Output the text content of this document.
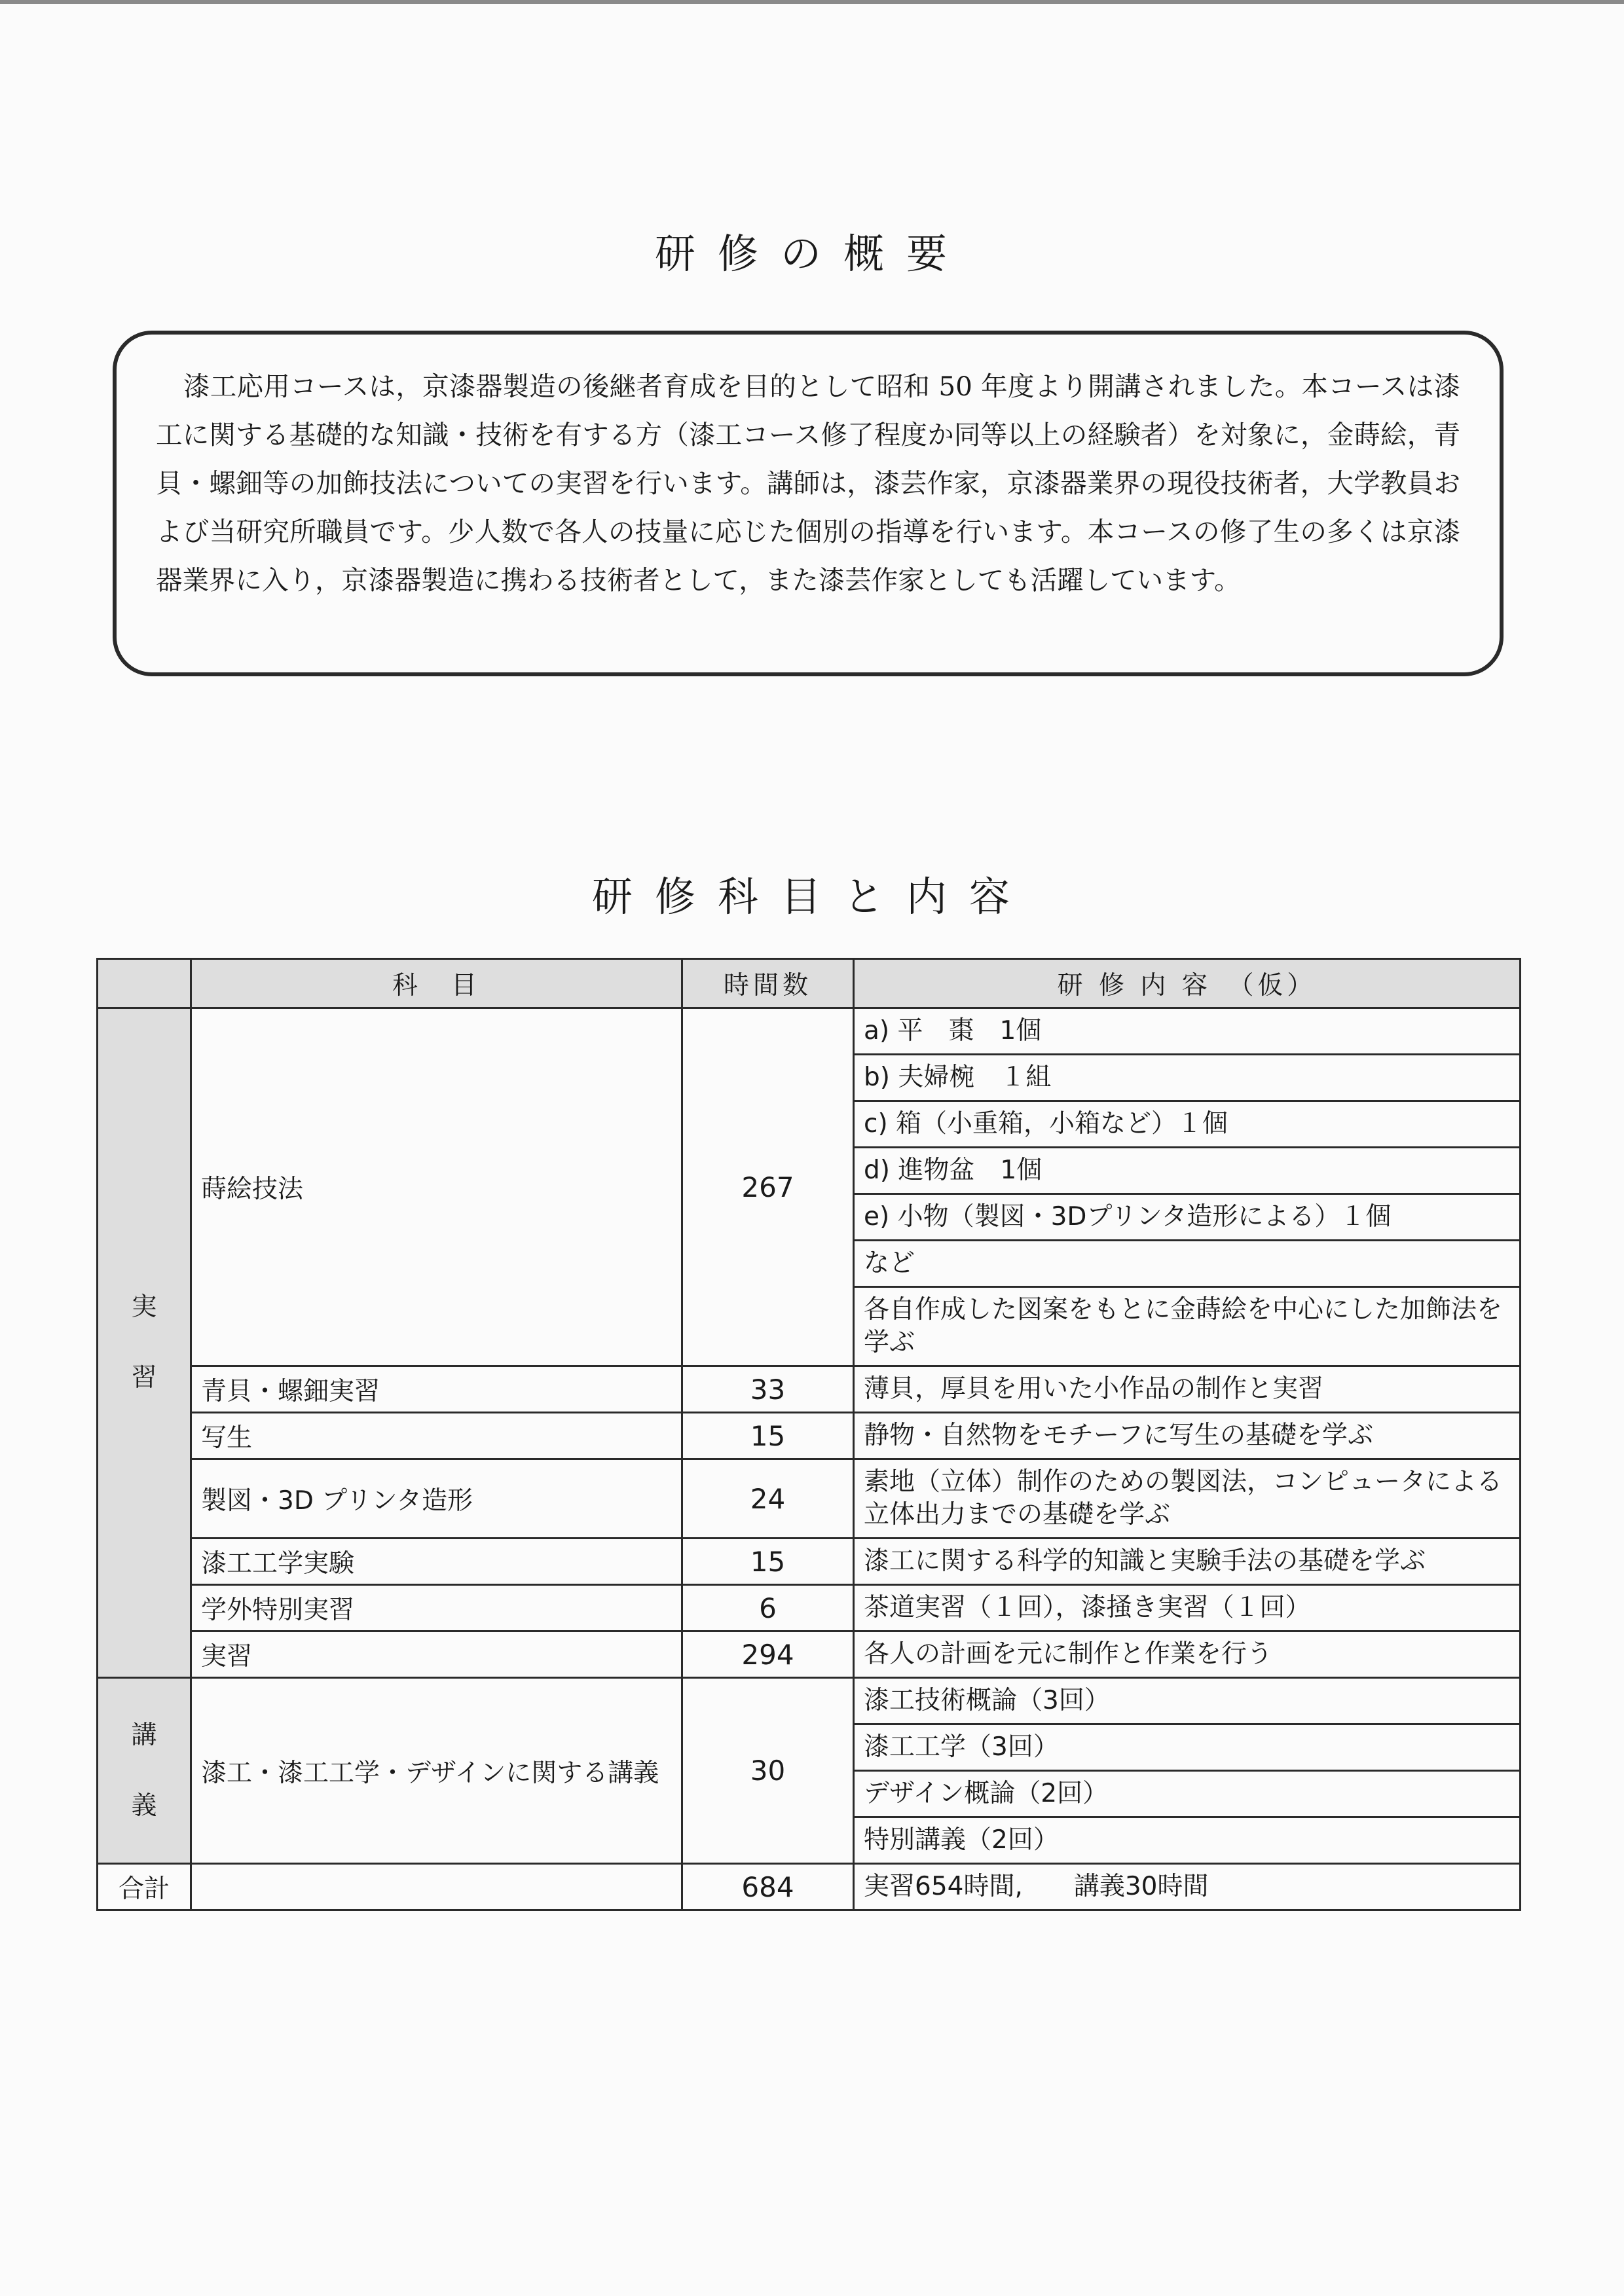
研修の概要
漆工応用コースは，京漆器製造の後継者育成を目的として昭和 50 年度より開講されました。本コースは漆工に関する基礎的な知識・技術を有する方（漆工コース修了程度か同等以上の経験者）を対象に，金蒔絵，青貝・螺鈿等の加飾技法についての実習を行います。講師は，漆芸作家，京漆器業界の現役技術者，大学教員および当研究所職員です。少人数で各人の技量に応じた個別の指導を行います。本コースの修了生の多くは京漆器業界に入り，京漆器製造に携わる技術者として，また漆芸作家としても活躍しています。
研修科目と内容
	科　目	時間数	研 修 内 容　（仮）
実
習	蒔絵技法	267	a) 平　棗　1個
			b) 夫婦椀　１組
			c) 箱（小重箱，小箱など）１個
			d) 進物盆　1個
			e) 小物（製図・3Dプリンタ造形による）１個
			など
			各自作成した図案をもとに金蒔絵を中心にした加飾法を学ぶ
	青貝・螺鈿実習	33	薄貝，厚貝を用いた小作品の制作と実習
	写生	15	静物・自然物をモチーフに写生の基礎を学ぶ
	製図・3D プリンタ造形	24	素地（立体）制作のための製図法，コンピュータによる立体出力までの基礎を学ぶ
	漆工工学実験	15	漆工に関する科学的知識と実験手法の基礎を学ぶ
	学外特別実習	6	茶道実習（１回），漆掻き実習（１回）
	実習	294	各人の計画を元に制作と作業を行う
講
義	漆工・漆工工学・デザインに関する講義	30	漆工技術概論（3回）
			漆工工学（3回）
			デザイン概論（2回）
			特別講義（2回）
合計		684	実習654時間,　　講義30時間
